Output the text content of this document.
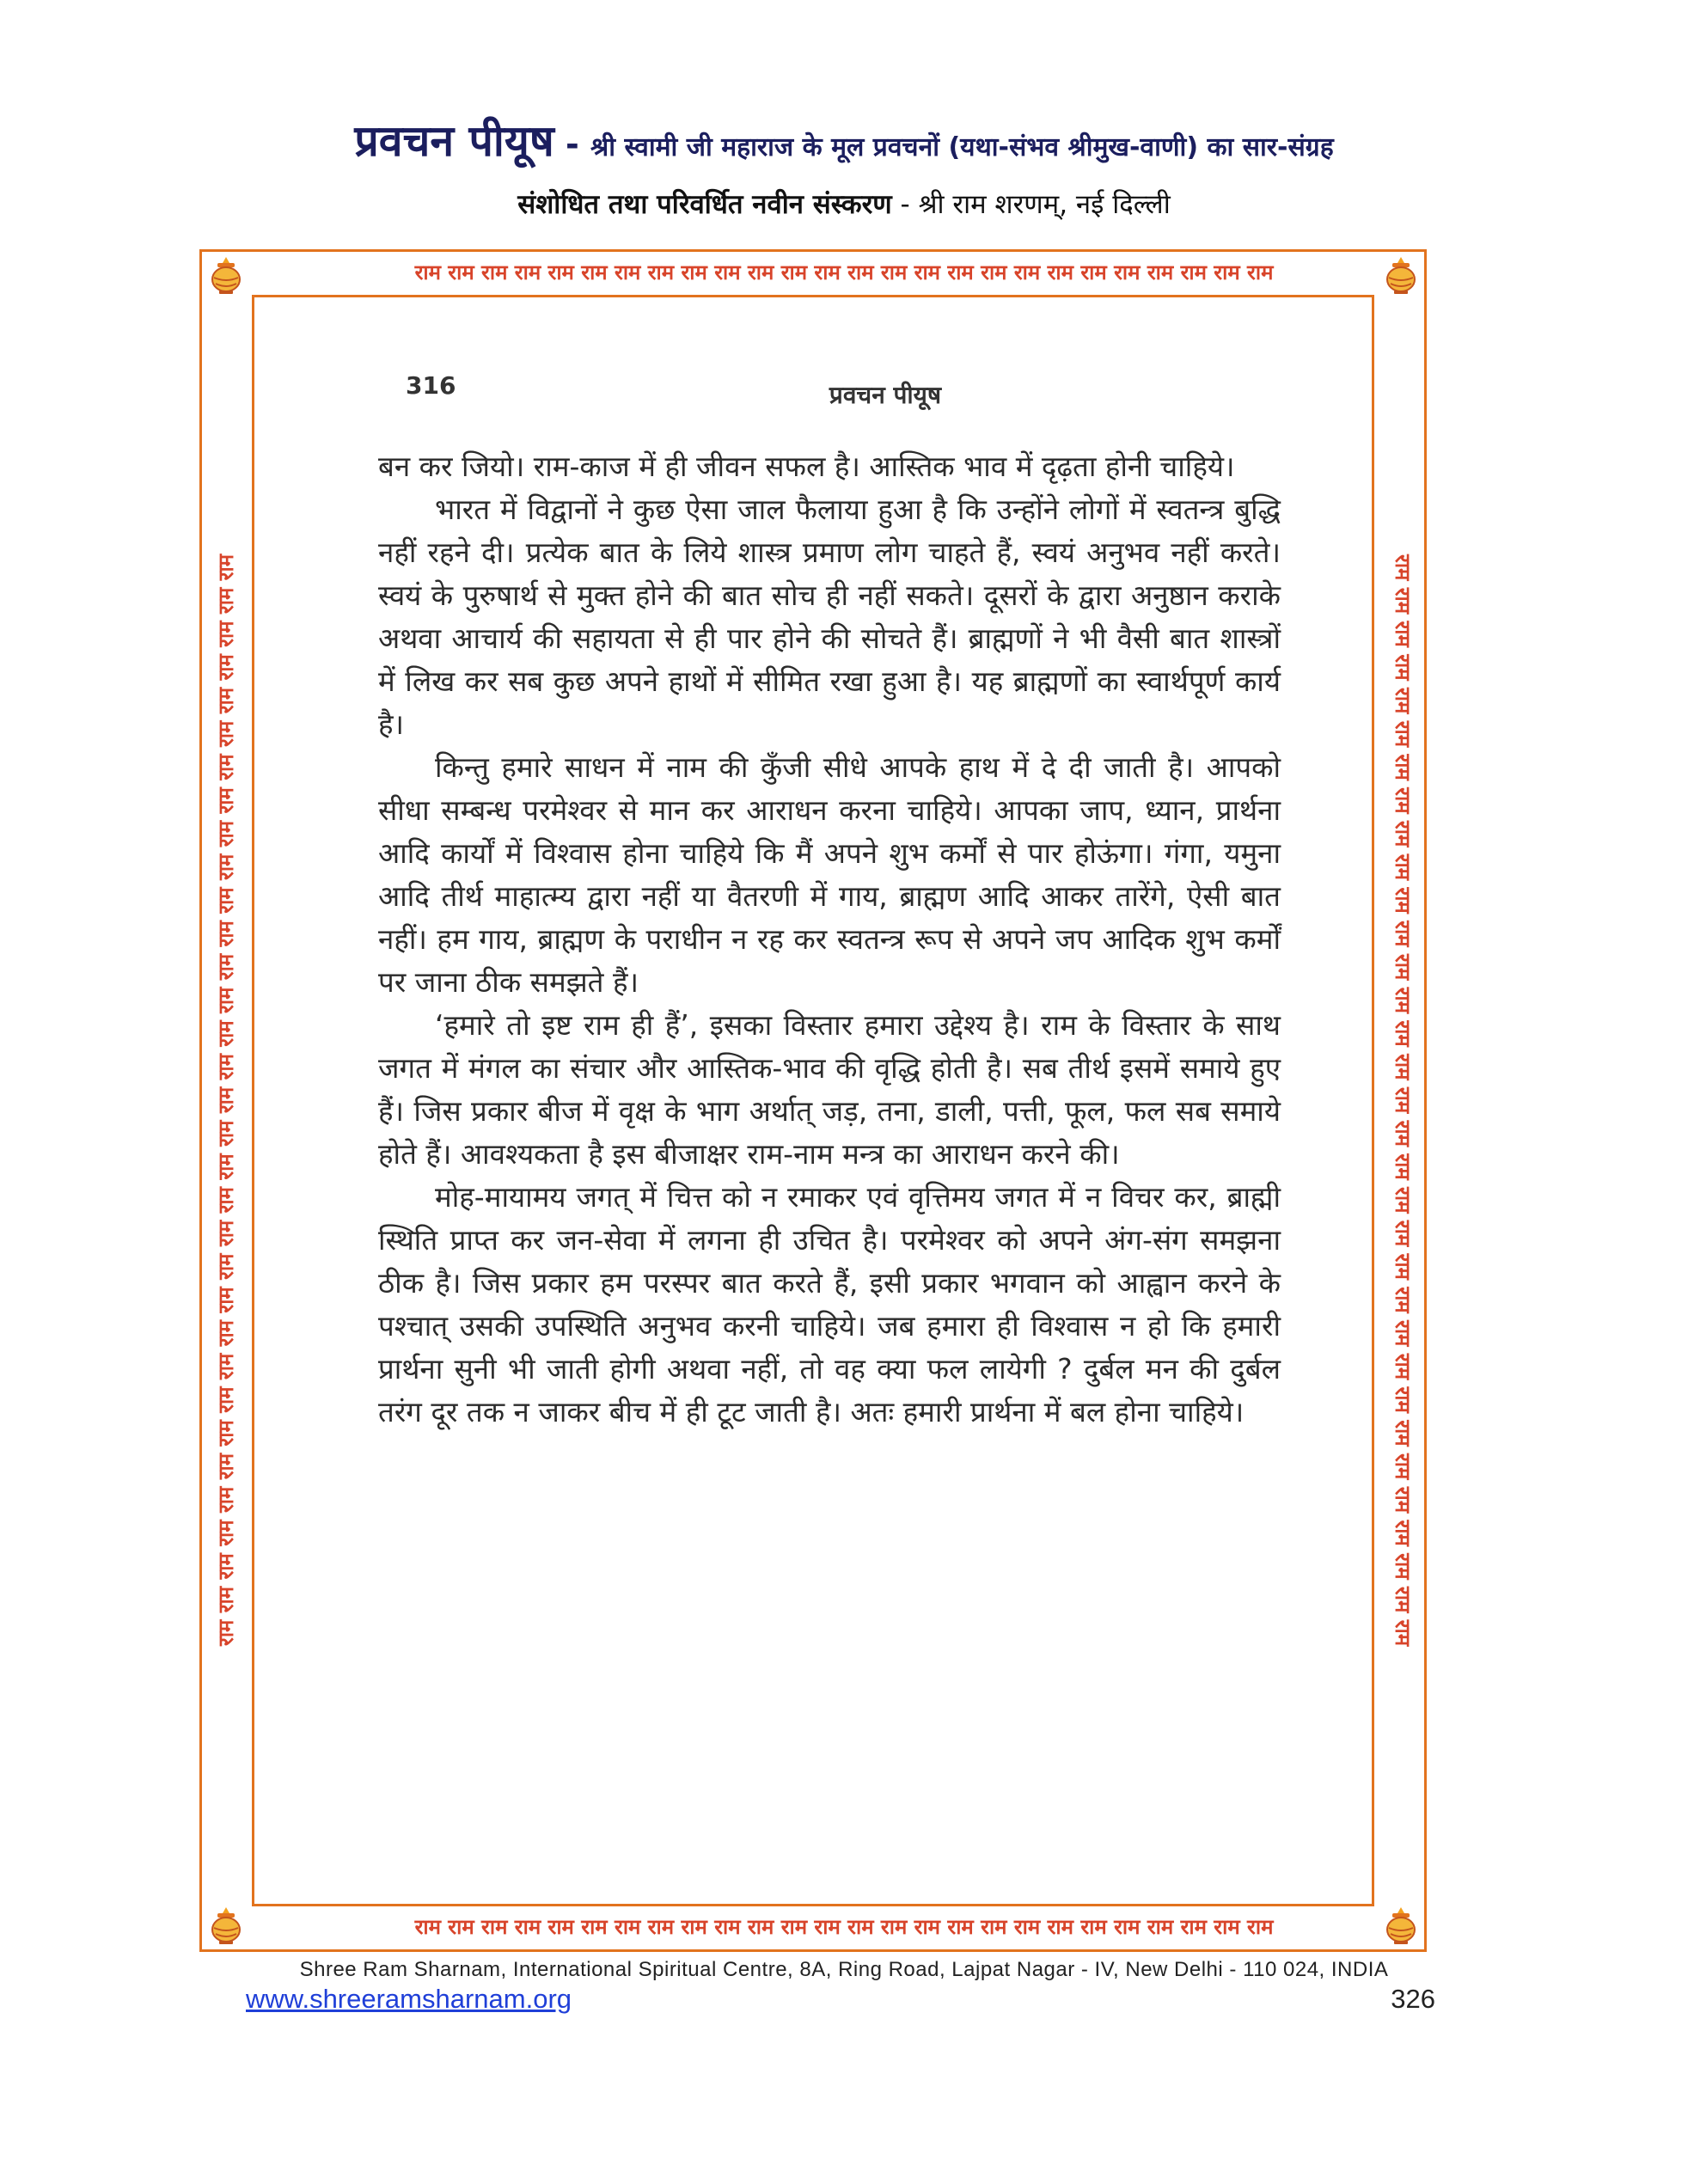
प्रवचन पीयूष - श्री स्वामी जी महाराज के मूल प्रवचनों (यथा-संभव श्रीमुख-वाणी) का सार-संग्रह
संशोधित तथा परिवर्धित नवीन संस्करण - श्री राम शरणम्, नई दिल्ली
राम राम राम राम राम राम राम राम राम राम राम राम राम राम राम राम राम राम राम राम राम राम राम राम राम राम
राम राम राम राम राम राम राम राम राम राम राम राम राम राम राम राम राम राम राम राम राम राम राम राम राम राम
राम राम राम राम राम राम राम राम राम राम राम राम राम राम राम राम राम राम राम राम राम राम राम राम राम राम राम राम राम राम राम राम राम	राम राम राम राम राम राम राम राम राम राम राम राम राम राम राम राम राम राम राम राम राम राम राम राम राम राम राम राम राम राम राम राम राम
316	प्रवचन पीयूष

बन कर जियो। राम-काज में ही जीवन सफल है। आस्तिक भाव में दृढ़ता होनी चाहिये।

भारत में विद्वानों ने कुछ ऐसा जाल फैलाया हुआ है कि उन्होंने लोगों में स्वतन्त्र बुद्धि नहीं रहने दी। प्रत्येक बात के लिये शास्त्र प्रमाण लोग चाहते हैं, स्वयं अनुभव नहीं करते। स्वयं के पुरुषार्थ से मुक्त होने की बात सोच ही नहीं सकते। दूसरों के द्वारा अनुष्ठान कराके अथवा आचार्य की सहायता से ही पार होने की सोचते हैं। ब्राह्मणों ने भी वैसी बात शास्त्रों में लिख कर सब कुछ अपने हाथों में सीमित रखा हुआ है। यह ब्राह्मणों का स्वार्थपूर्ण कार्य है।

किन्तु हमारे साधन में नाम की कुँजी सीधे आपके हाथ में दे दी जाती है। आपको सीधा सम्बन्ध परमेश्वर से मान कर आराधन करना चाहिये। आपका जाप, ध्यान, प्रार्थना आदि कार्यों में विश्वास होना चाहिये कि मैं अपने शुभ कर्मों से पार होऊंगा। गंगा, यमुना आदि तीर्थ माहात्म्य द्वारा नहीं या वैतरणी में गाय, ब्राह्मण आदि आकर तारेंगे, ऐसी बात नहीं। हम गाय, ब्राह्मण के पराधीन न रह कर स्वतन्त्र रूप से अपने जप आदिक शुभ कर्मों पर जाना ठीक समझते हैं।

‘हमारे तो इष्ट राम ही हैं’, इसका विस्तार हमारा उद्देश्य है। राम के विस्तार के साथ जगत में मंगल का संचार और आस्तिक-भाव की वृद्धि होती है। सब तीर्थ इसमें समाये हुए हैं। जिस प्रकार बीज में वृक्ष के भाग अर्थात् जड़, तना, डाली, पत्ती, फूल, फल सब समाये होते हैं। आवश्यकता है इस बीजाक्षर राम-नाम मन्त्र का आराधन करने की।

मोह-मायामय जगत् में चित्त को न रमाकर एवं वृत्तिमय जगत में न विचर कर, ब्राह्मी स्थिति प्राप्त कर जन-सेवा में लगना ही उचित है। परमेश्वर को अपने अंग-संग समझना ठीक है। जिस प्रकार हम परस्पर बात करते हैं, इसी प्रकार भगवान को आह्वान करने के पश्चात् उसकी उपस्थिति अनुभव करनी चाहिये। जब हमारा ही विश्वास न हो कि हमारी प्रार्थना सुनी भी जाती होगी अथवा नहीं, तो वह क्या फल लायेगी ? दुर्बल मन की दुर्बल तरंग दूर तक न जाकर बीच में ही टूट जाती है। अतः हमारी प्रार्थना में बल होना चाहिये।

Shree Ram Sharnam, International Spiritual Centre, 8A, Ring Road, Lajpat Nagar - IV, New Delhi - 110 024, INDIA
www.shreeramsharnam.org	326
